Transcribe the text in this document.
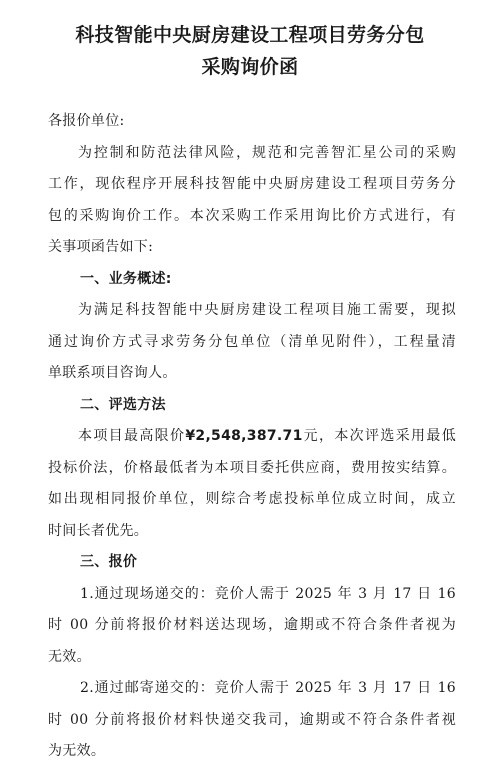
科技智能中央厨房建设工程项目劳务分包
采购询价函
各报价单位:
为控制和防范法律风险，规范和完善智汇星公司的采购
工作，现依程序开展科技智能中央厨房建设工程项目劳务分
包的采购询价工作。本次采购工作采用询比价方式进行，有
关事项函告如下:
一、业务概述:
为满足科技智能中央厨房建设工程项目施工需要，现拟
通过询价方式寻求劳务分包单位（清单见附件），工程量清
单联系项目咨询人。
二、评选方法
本项目最高限价¥2,548,387.71元，本次评选采用最低
投标价法，价格最低者为本项目委托供应商，费用按实结算。
如出现相同报价单位，则综合考虑投标单位成立时间，成立
时间长者优先。
三、报价
1.通过现场递交的：竞价人需于 2025 年 3 月 17 日 16
时 00 分前将报价材料送达现场，逾期或不符合条件者视为
无效。
2.通过邮寄递交的：竞价人需于 2025 年 3 月 17 日 16
时 00 分前将报价材料快递交我司，逾期或不符合条件者视
为无效。
